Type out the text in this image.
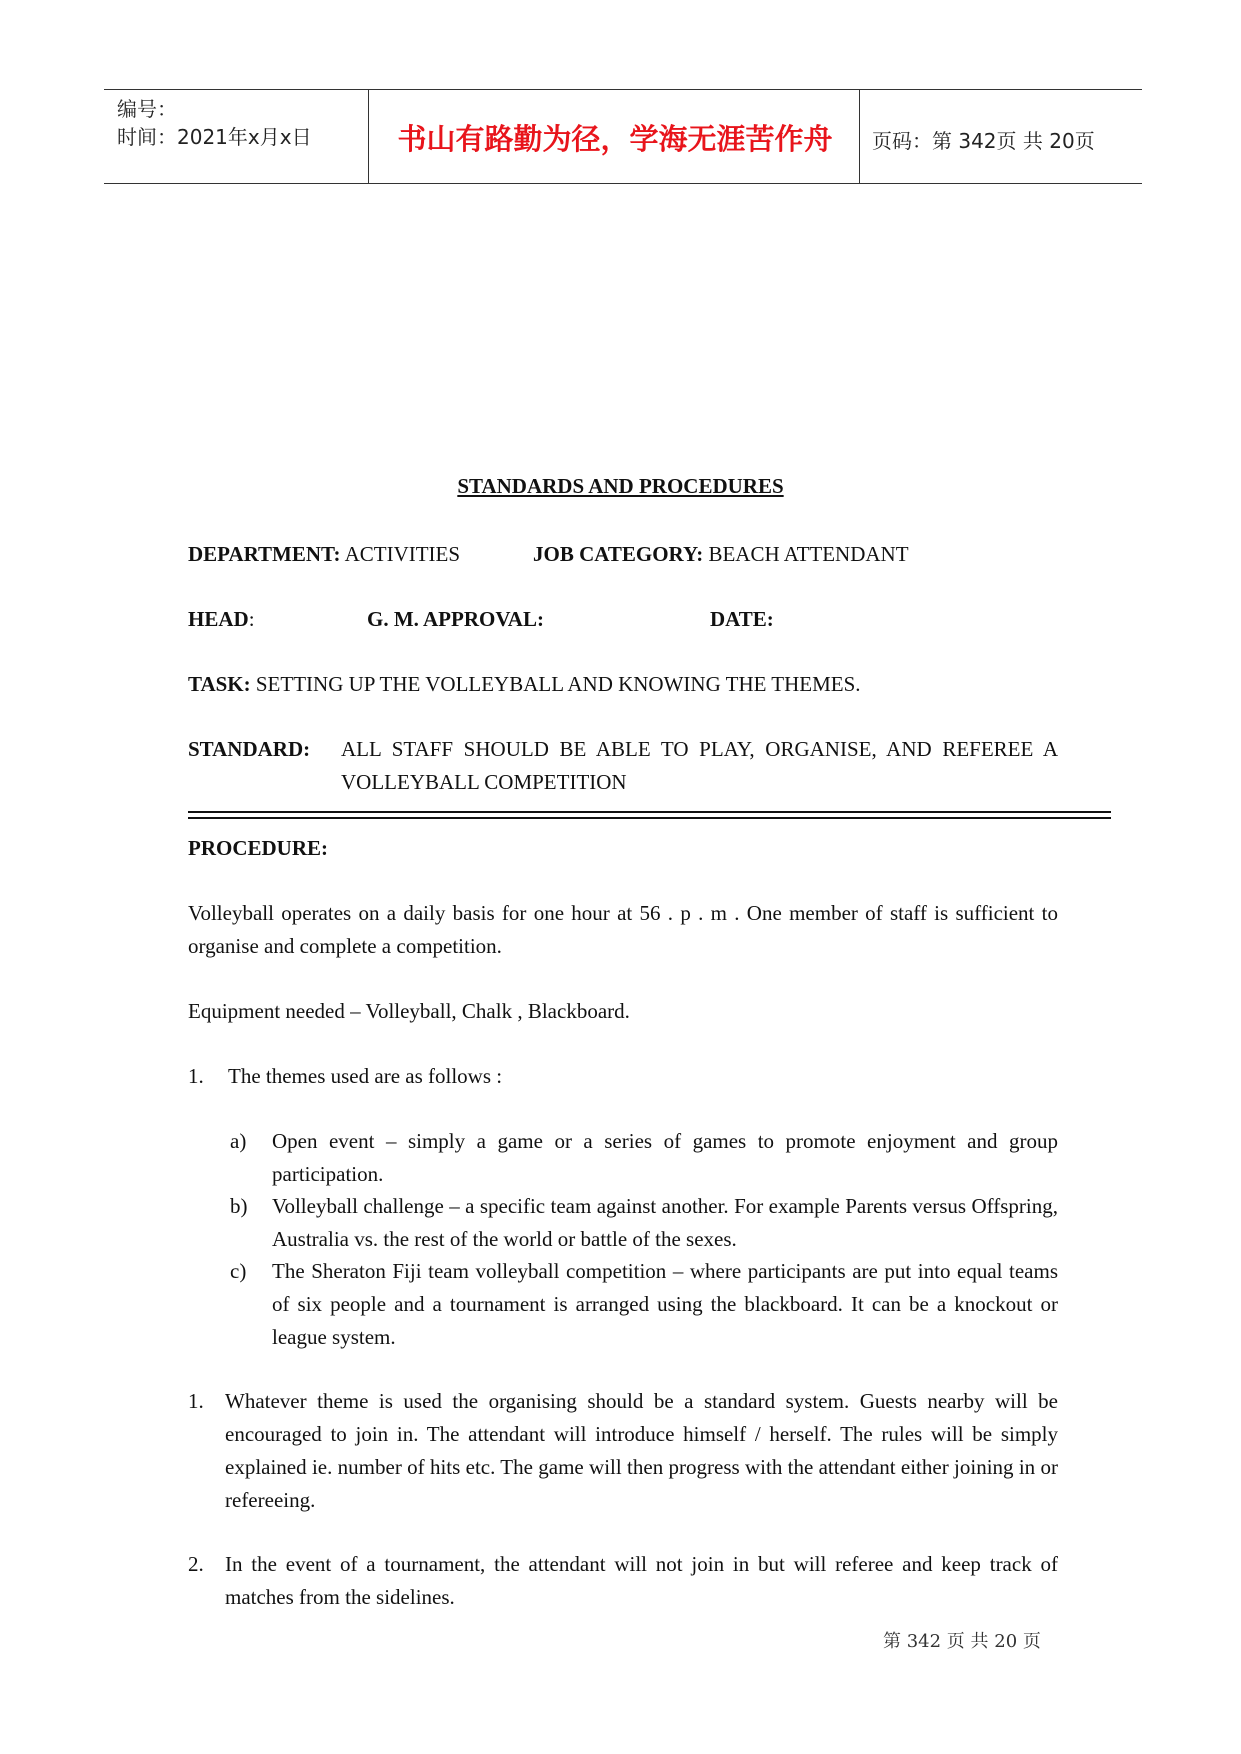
编号：
时间：2021年x月x日	书山有路勤为径，学海无涯苦作舟	页码：第 342页 共 20页
STANDARDS AND PROCEDURES
DEPARTMENT: ACTIVITIES	JOB CATEGORY: BEACH ATTENDANT
HEAD:	G. M. APPROVAL:	DATE:
TASK: SETTING UP THE VOLLEYBALL AND KNOWING THE THEMES.
STANDARD: ALL STAFF SHOULD BE ABLE TO PLAY, ORGANISE, AND REFEREE A VOLLEYBALL COMPETITION
PROCEDURE:
Volleyball operates on a daily basis for one hour at 56 . p . m . One member of staff is sufficient to organise and complete a competition.
Equipment needed – Volleyball, Chalk , Blackboard.
1. The themes used are as follows :
a) Open event – simply a game or a series of games to promote enjoyment and group participation.
b) Volleyball challenge – a specific team against another. For example Parents versus Offspring, Australia vs. the rest of the world or battle of the sexes.
c) The Sheraton Fiji team volleyball competition – where participants are put into equal teams of six people and a tournament is arranged using the blackboard. It can be a knockout or league system.
1. Whatever theme is used the organising should be a standard system. Guests nearby will be encouraged to join in. The attendant will introduce himself / herself. The rules will be simply explained ie. number of hits etc. The game will then progress with the attendant either joining in or refereeing.
2. In the event of a tournament, the attendant will not join in but will referee and keep track of matches from the sidelines.
第 342 页 共 20 页
